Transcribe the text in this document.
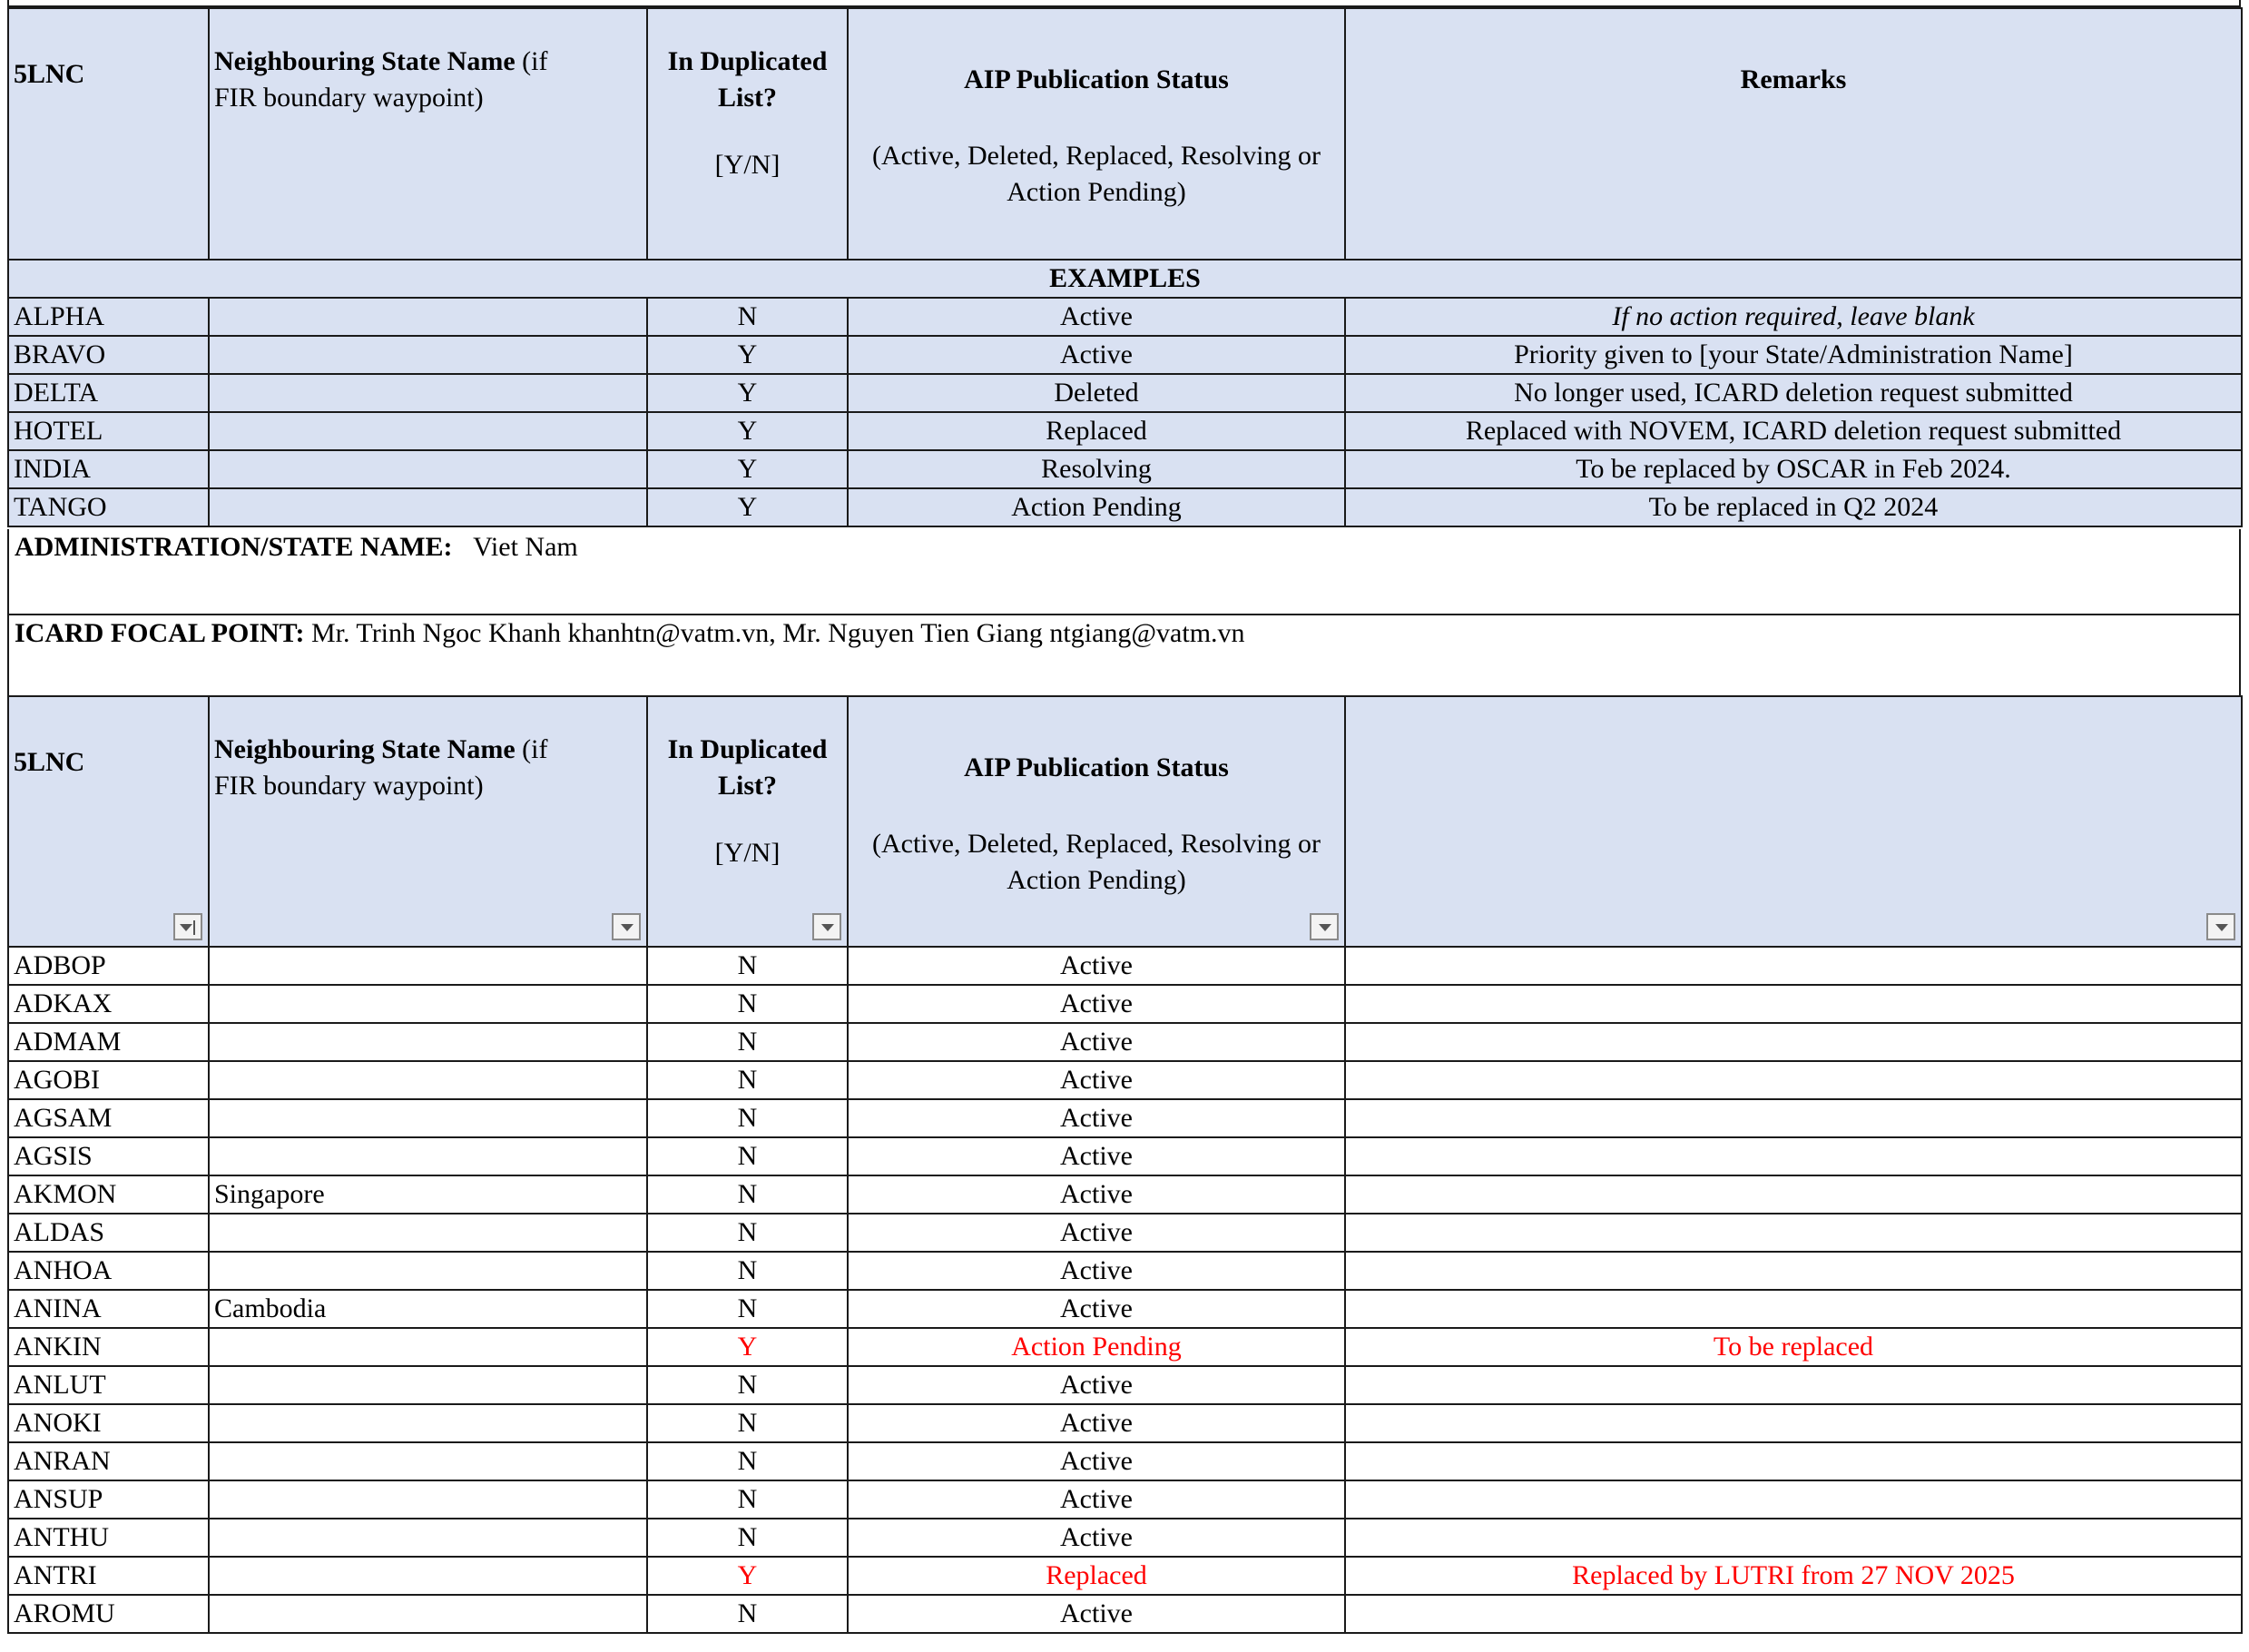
5LNC	Neighbouring State Name (if
FIR boundary waypoint)	In Duplicated
List?

[Y/N]	AIP Publication Status

(Active, Deleted, Replaced, Resolving or
Action Pending)	Remarks
EXAMPLES				
ALPHA		N	Active	If no action required, leave blank
BRAVO		Y	Active	Priority given to [your State/Administration Name]
DELTA		Y	Deleted	No longer used, ICARD deletion request submitted
HOTEL		Y	Replaced	Replaced with NOVEM, ICARD deletion request submitted
INDIA		Y	Resolving	To be replaced by OSCAR in Feb 2024.
TANGO		Y	Action Pending	To be replaced in Q2 2024
ADMINISTRATION/STATE NAME: Viet Nam
ICARD FOCAL POINT: Mr. Trinh Ngoc Khanh khanhtn@vatm.vn, Mr. Nguyen Tien Giang ntgiang@vatm.vn
5LNC	Neighbouring State Name (if
FIR boundary waypoint)	In Duplicated
List?

[Y/N]	AIP Publication Status

(Active, Deleted, Replaced, Resolving or
Action Pending)

ADBOP		N	Active	
ADKAX		N	Active	
ADMAM		N	Active	
AGOBI		N	Active	
AGSAM		N	Active	
AGSIS		N	Active	
AKMON	Singapore	N	Active	
ALDAS		N	Active	
ANHOA		N	Active	
ANINA	Cambodia	N	Active	
ANKIN		Y	Action Pending	To be replaced
ANLUT		N	Active	
ANOKI		N	Active	
ANRAN		N	Active	
ANSUP		N	Active	
ANTHU		N	Active	
ANTRI		Y	Replaced	Replaced by LUTRI from 27 NOV 2025
AROMU		N	Active	
